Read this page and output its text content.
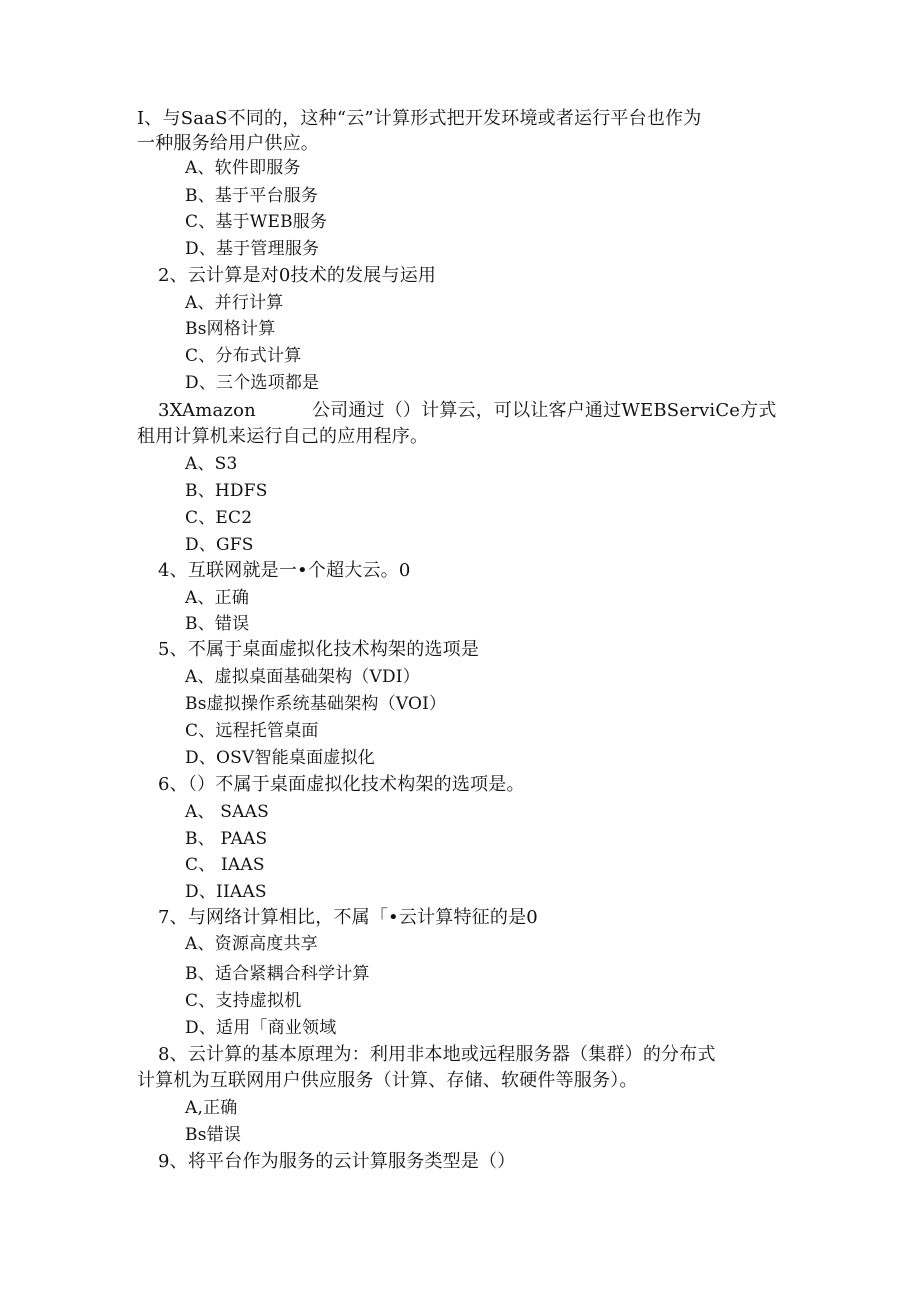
I、与SaaS不同的，这种“云”计算形式把开发环境或者运行平台也作为
一种服务给用户供应。
A、软件即服务
B、基于平台服务
C、基于WEB服务
D、基于管理服务
2、云计算是对0技术的发展与运用
A、并行计算
Bs网格计算
C、分布式计算
D、三个选项都是
3XAmazon	公司通过（）计算云，可以让客户通过WEBServiCe方式
租用计算机来运行自己的应用程序。
A、S3
B、HDFS
C、EC2
D、GFS
4、互联网就是一•个超大云。0
A、正确
B、错误
5、不属于桌面虚拟化技术构架的选项是
A、虚拟桌面基础架构（VDI）
Bs虚拟操作系统基础架构（VOI）
C、远程托管桌面
D、OSV智能桌面虚拟化
6、（）不属于桌面虚拟化技术构架的选项是。
A、 SAAS
B、 PAAS
C、 IAAS
D、IIAAS
7、与网络计算相比，不属「•云计算特征的是0
A、资源高度共享
B、适合紧耦合科学计算
C、支持虚拟机
D、适用「商业领域
8、云计算的基本原理为：利用非本地或远程服务器（集群）的分布式
计算机为互联网用户供应服务（计算、存储、软硬件等服务）。
A,正确
Bs错误
9、将平台作为服务的云计算服务类型是（）
